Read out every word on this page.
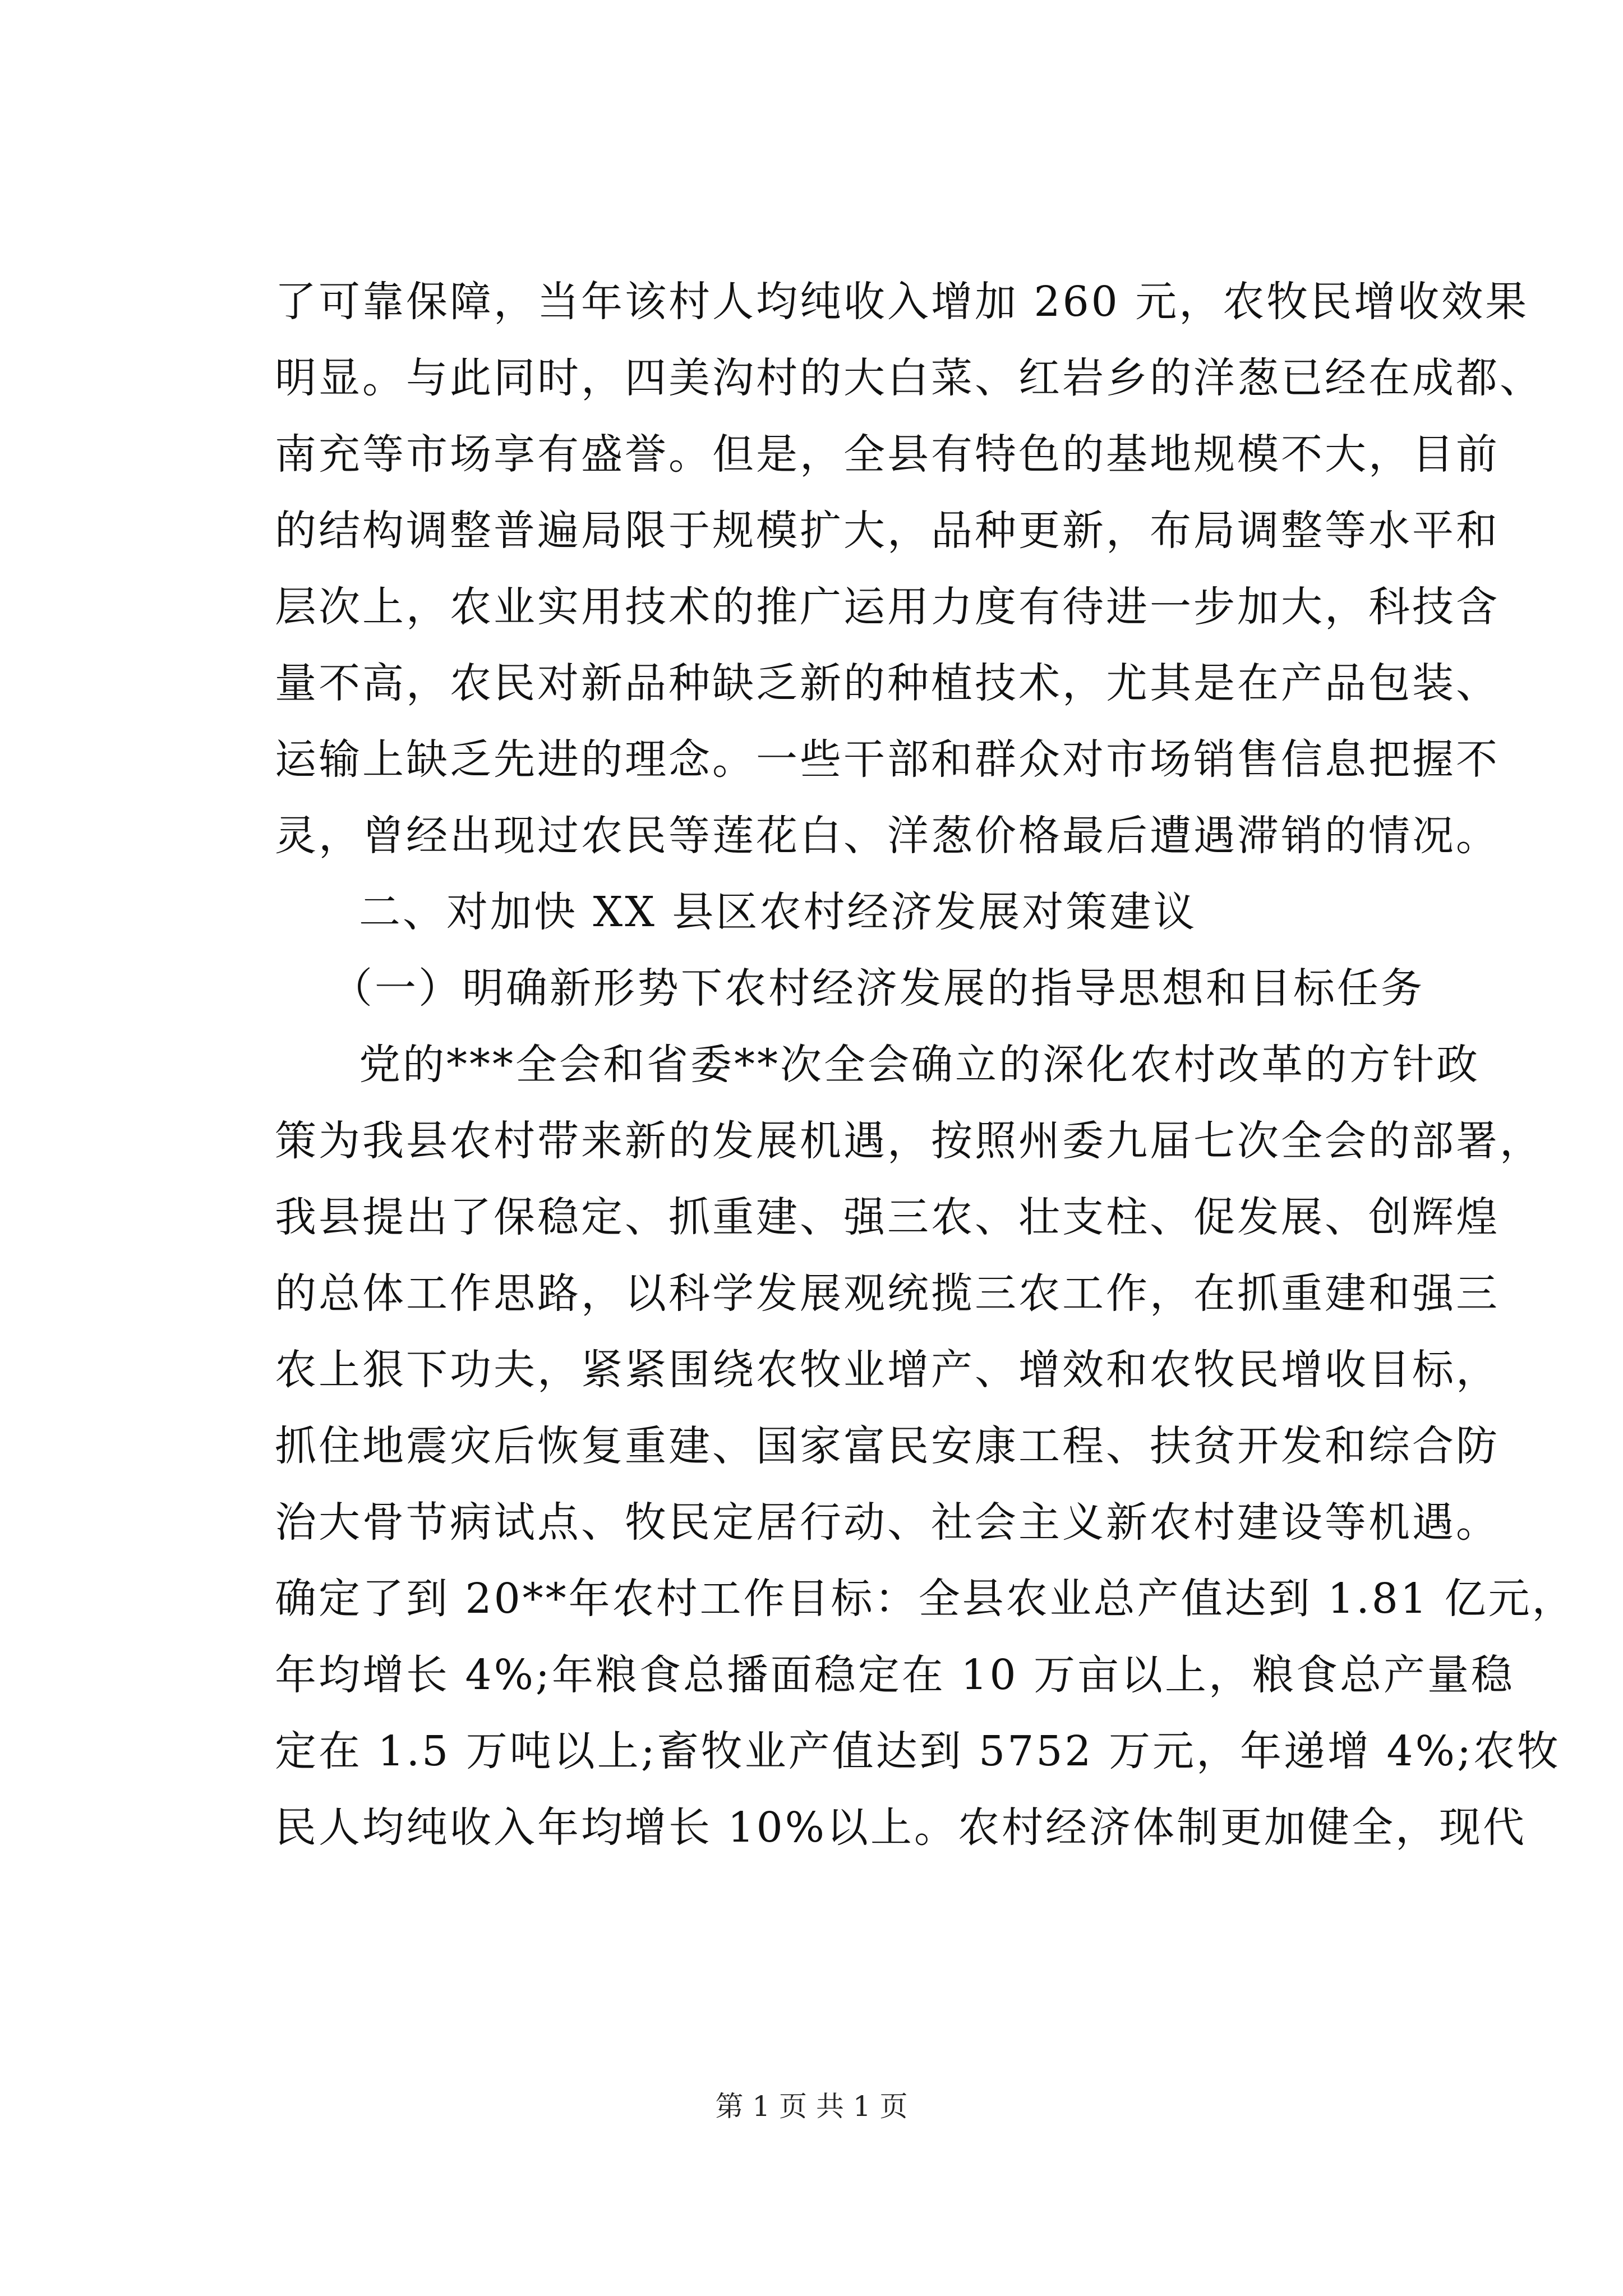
了可靠保障，当年该村人均纯收入增加 260 元，农牧民增收效果
明显。与此同时，四美沟村的大白菜、红岩乡的洋葱已经在成都、
南充等市场享有盛誉。但是，全县有特色的基地规模不大，目前
的结构调整普遍局限于规模扩大，品种更新，布局调整等水平和
层次上，农业实用技术的推广运用力度有待进一步加大，科技含
量不高，农民对新品种缺乏新的种植技术，尤其是在产品包装、
运输上缺乏先进的理念。一些干部和群众对市场销售信息把握不
灵，曾经出现过农民等莲花白、洋葱价格最后遭遇滞销的情况。
二、对加快 XX 县区农村经济发展对策建议
（一）明确新形势下农村经济发展的指导思想和目标任务
党的***全会和省委**次全会确立的深化农村改革的方针政
策为我县农村带来新的发展机遇，按照州委九届七次全会的部署，
我县提出了保稳定、抓重建、强三农、壮支柱、促发展、创辉煌
的总体工作思路，以科学发展观统揽三农工作，在抓重建和强三
农上狠下功夫，紧紧围绕农牧业增产、增效和农牧民增收目标，
抓住地震灾后恢复重建、国家富民安康工程、扶贫开发和综合防
治大骨节病试点、牧民定居行动、社会主义新农村建设等机遇。
确定了到 20**年农村工作目标：全县农业总产值达到 1.81 亿元，
年均增长 4%;年粮食总播面稳定在 10 万亩以上，粮食总产量稳
定在 1.5 万吨以上;畜牧业产值达到 5752 万元，年递增 4%;农牧
民人均纯收入年均增长 10%以上。农村经济体制更加健全，现代
第 1 页 共 1 页
